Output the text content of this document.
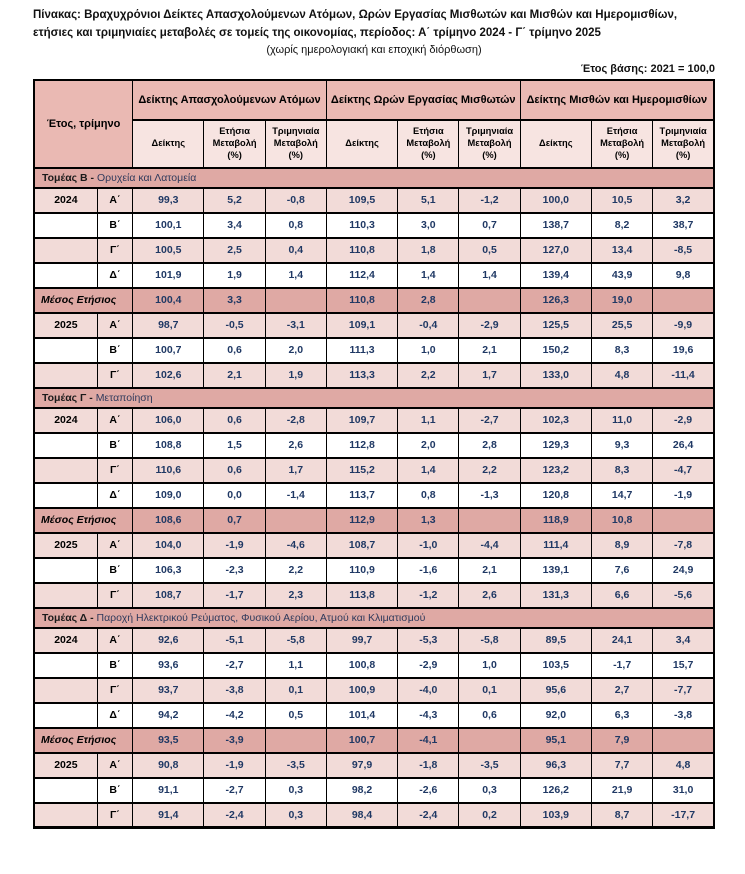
Πίνακας: Βραχυχρόνιοι Δείκτες Απασχολούμενων Ατόμων, Ωρών Εργασίας Μισθωτών και Μισθών και Ημερομισθίων,
ετήσιες και τριμηνιαίες μεταβολές σε τομείς της οικονομίας, περίοδος: Α΄ τρίμηνο 2024 - Γ΄ τρίμηνο 2025
(χωρίς ημερολογιακή και εποχική διόρθωση)
Έτος βάσης: 2021 = 100,0
Έτος, τρίμηνο		Δείκτης Απασχολούμενων Ατόμων			Δείκτης Ωρών Εργασίας Μισθωτών			Δείκτης Μισθών και Ημερομισθίων		
		Δείκτης	Ετήσια Μεταβολή (%)	Τριμηνιαία Μεταβολή (%)	Δείκτης	Ετήσια Μεταβολή (%)	Τριμηνιαία Μεταβολή (%)	Δείκτης	Ετήσια Μεταβολή (%)	Τριμηνιαία Μεταβολή (%)
Τομέας Β - Ορυχεία και Λατομεία										
2024	Α΄	99,3	5,2	-0,8	109,5	5,1	-1,2	100,0	10,5	3,2
	Β΄	100,1	3,4	0,8	110,3	3,0	0,7	138,7	8,2	38,7
	Γ΄	100,5	2,5	0,4	110,8	1,8	0,5	127,0	13,4	-8,5
	Δ΄	101,9	1,9	1,4	112,4	1,4	1,4	139,4	43,9	9,8
Μέσος Ετήσιος		100,4	3,3		110,8	2,8		126,3	19,0	
2025	Α΄	98,7	-0,5	-3,1	109,1	-0,4	-2,9	125,5	25,5	-9,9
	Β΄	100,7	0,6	2,0	111,3	1,0	2,1	150,2	8,3	19,6
	Γ΄	102,6	2,1	1,9	113,3	2,2	1,7	133,0	4,8	-11,4
Τομέας Γ - Μεταποίηση										
2024	Α΄	106,0	0,6	-2,8	109,7	1,1	-2,7	102,3	11,0	-2,9
	Β΄	108,8	1,5	2,6	112,8	2,0	2,8	129,3	9,3	26,4
	Γ΄	110,6	0,6	1,7	115,2	1,4	2,2	123,2	8,3	-4,7
	Δ΄	109,0	0,0	-1,4	113,7	0,8	-1,3	120,8	14,7	-1,9
Μέσος Ετήσιος		108,6	0,7		112,9	1,3		118,9	10,8	
2025	Α΄	104,0	-1,9	-4,6	108,7	-1,0	-4,4	111,4	8,9	-7,8
	Β΄	106,3	-2,3	2,2	110,9	-1,6	2,1	139,1	7,6	24,9
	Γ΄	108,7	-1,7	2,3	113,8	-1,2	2,6	131,3	6,6	-5,6
Τομέας Δ - Παροχή Ηλεκτρικού Ρεύματος, Φυσικού Αερίου, Ατμού και Κλιματισμού										
2024	Α΄	92,6	-5,1	-5,8	99,7	-5,3	-5,8	89,5	24,1	3,4
	Β΄	93,6	-2,7	1,1	100,8	-2,9	1,0	103,5	-1,7	15,7
	Γ΄	93,7	-3,8	0,1	100,9	-4,0	0,1	95,6	2,7	-7,7
	Δ΄	94,2	-4,2	0,5	101,4	-4,3	0,6	92,0	6,3	-3,8
Μέσος Ετήσιος		93,5	-3,9		100,7	-4,1		95,1	7,9	
2025	Α΄	90,8	-1,9	-3,5	97,9	-1,8	-3,5	96,3	7,7	4,8
	Β΄	91,1	-2,7	0,3	98,2	-2,6	0,3	126,2	21,9	31,0
	Γ΄	91,4	-2,4	0,3	98,4	-2,4	0,2	103,9	8,7	-17,7
